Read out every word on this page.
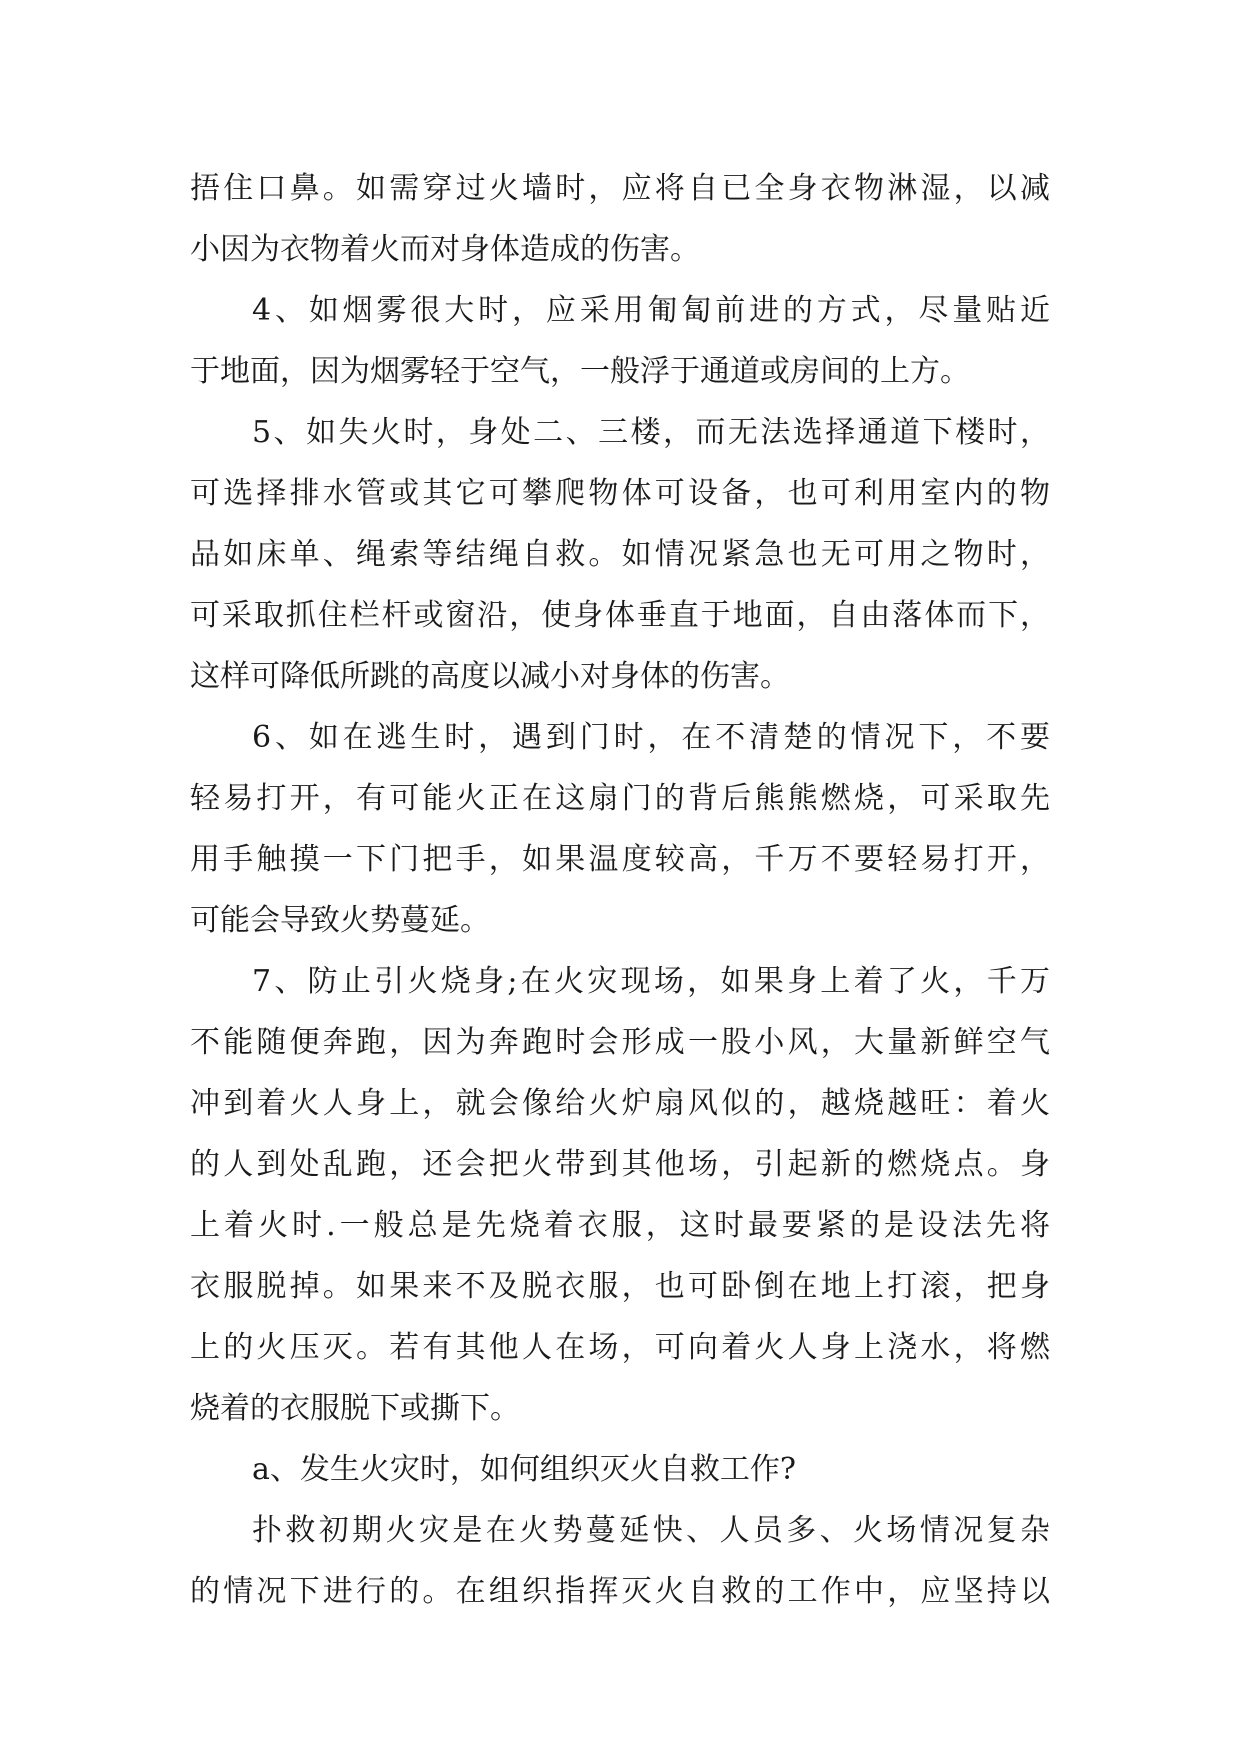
捂住口鼻。如需穿过火墙时，应将自已全身衣物淋湿，以减
小因为衣物着火而对身体造成的伤害。
4、如烟雾很大时，应采用匍匐前进的方式，尽量贴近
于地面，因为烟雾轻于空气，一般浮于通道或房间的上方。
5、如失火时，身处二、三楼，而无法选择通道下楼时，
可选择排水管或其它可攀爬物体可设备，也可利用室内的物
品如床单、绳索等结绳自救。如情况紧急也无可用之物时，
可采取抓住栏杆或窗沿，使身体垂直于地面，自由落体而下，
这样可降低所跳的高度以减小对身体的伤害。
6、如在逃生时，遇到门时，在不清楚的情况下，不要
轻易打开，有可能火正在这扇门的背后熊熊燃烧，可采取先
用手触摸一下门把手，如果温度较高，千万不要轻易打开，
可能会导致火势蔓延。
7、防止引火烧身;在火灾现场，如果身上着了火，千万
不能随便奔跑，因为奔跑时会形成一股小风，大量新鲜空气
冲到着火人身上，就会像给火炉扇风似的，越烧越旺：着火
的人到处乱跑，还会把火带到其他场，引起新的燃烧点。身
上着火时.一般总是先烧着衣服，这时最要紧的是设法先将
衣服脱掉。如果来不及脱衣服，也可卧倒在地上打滚，把身
上的火压灭。若有其他人在场，可向着火人身上浇水，将燃
烧着的衣服脱下或撕下。
a、发生火灾时，如何组织灭火自救工作?
扑救初期火灾是在火势蔓延快、人员多、火场情况复杂
的情况下进行的。在组织指挥灭火自救的工作中，应坚持以
